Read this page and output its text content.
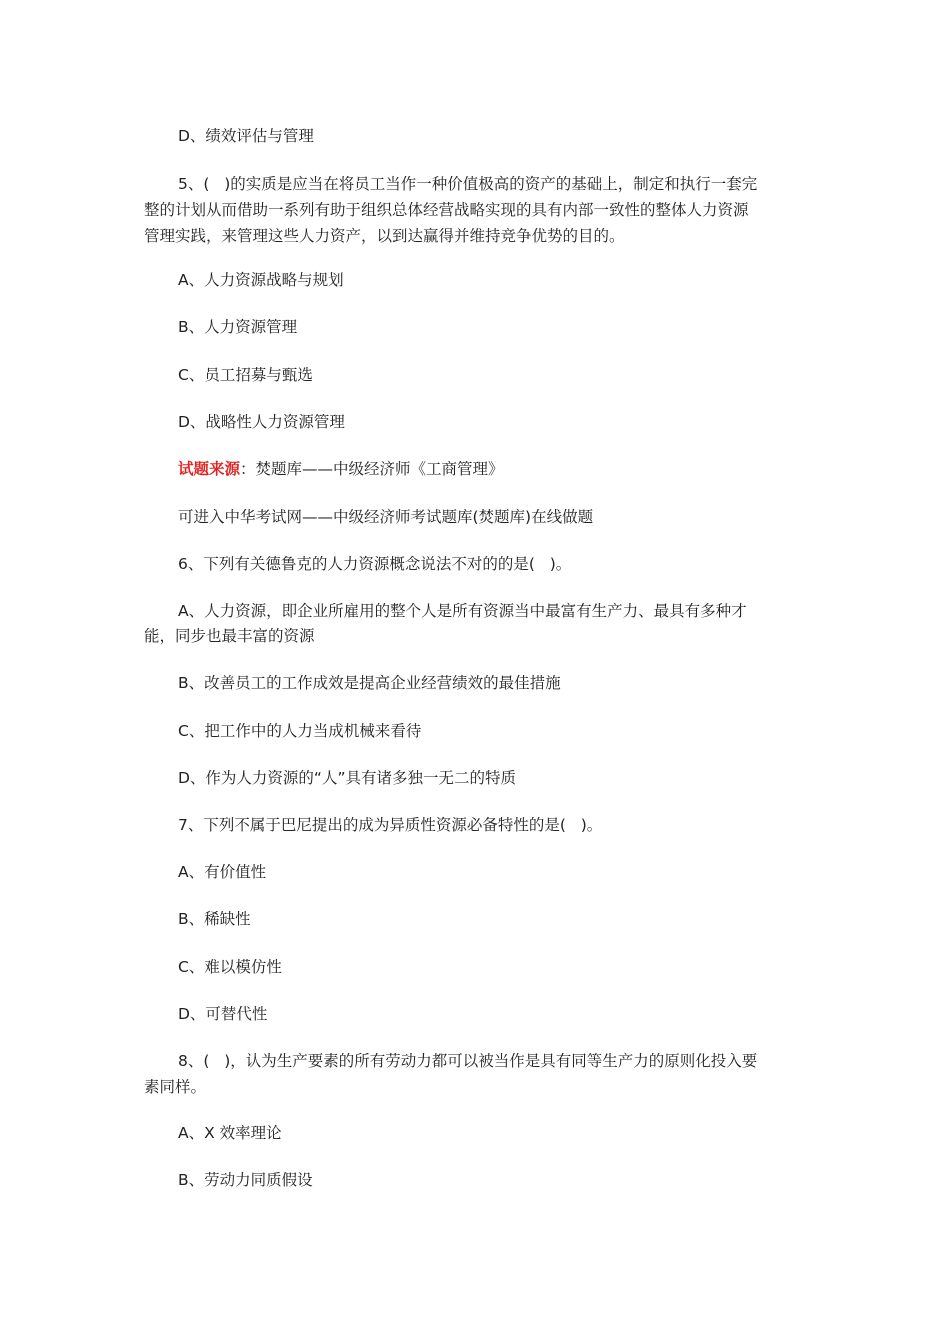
D、绩效评估与管理
5、(   )的实质是应当在将员工当作一种价值极高的资产的基础上，制定和执行一套完
整的计划从而借助一系列有助于组织总体经营战略实现的具有内部一致性的整体人力资源
管理实践，来管理这些人力资产，以到达赢得并维持竞争优势的目的。
A、人力资源战略与规划
B、人力资源管理
C、员工招募与甄选
D、战略性人力资源管理
试题来源：焚题库——中级经济师《工商管理》
可进入中华考试网——中级经济师考试题库(焚题库)在线做题
6、下列有关德鲁克的人力资源概念说法不对的的是(   )。
A、人力资源，即企业所雇用的整个人是所有资源当中最富有生产力、最具有多种才
能，同步也最丰富的资源
B、改善员工的工作成效是提高企业经营绩效的最佳措施
C、把工作中的人力当成机械来看待
D、作为人力资源的“人”具有诸多独一无二的特质
7、下列不属于巴尼提出的成为异质性资源必备特性的是(   )。
A、有价值性
B、稀缺性
C、难以模仿性
D、可替代性
8、(   )，认为生产要素的所有劳动力都可以被当作是具有同等生产力的原则化投入要
素同样。
A、X 效率理论
B、劳动力同质假设
